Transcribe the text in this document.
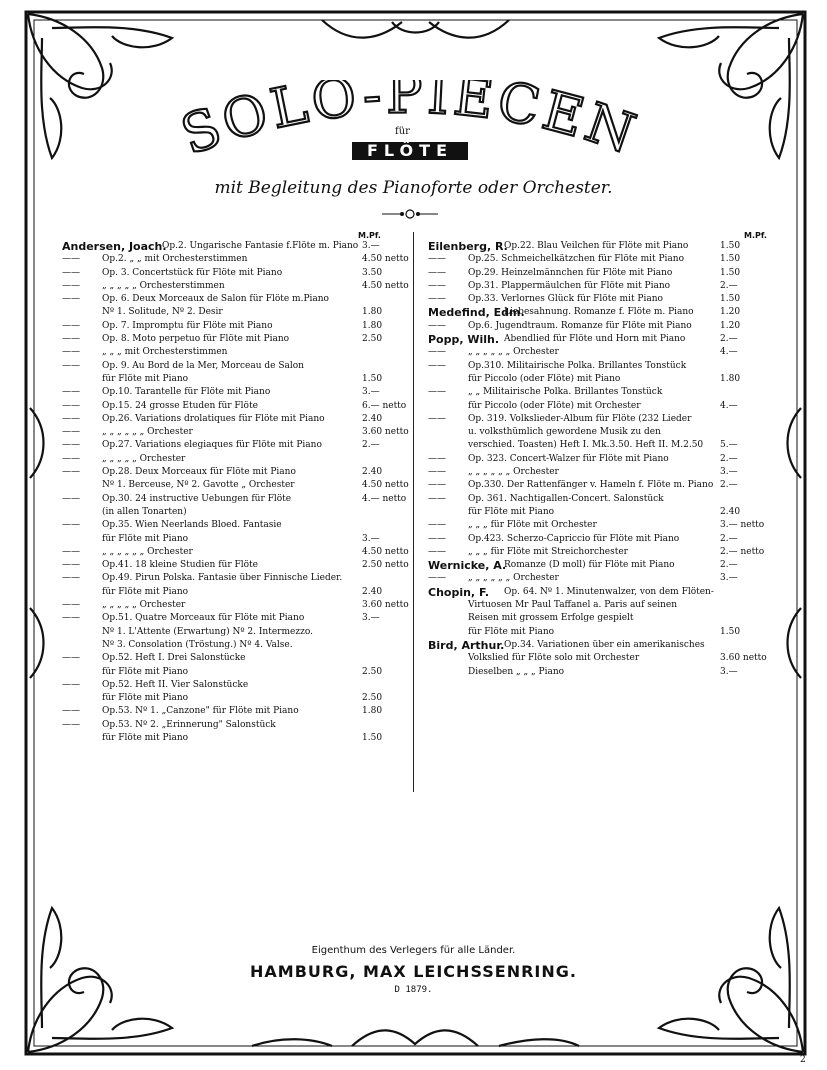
SOLO-PIECEN
für
FLÖTE
mit Begleitung des Pianoforte oder Orchester.
M.Pf.	M.Pf.
Andersen, Joach.
Op.2. Ungarische Fantasie f.Flöte m. Piano 3.—
—— Op.2. „ „ mit Orchesterstimmen	4.50 netto
—— Op. 3. Concertstück für Flöte mit Piano	3.50
—— „ „ „ „ „ Orchesterstimmen	4.50 netto
—— Op. 6. Deux Morceaux de Salon für Flöte m.Piano
Nº 1. Solitude, Nº 2. Desir	1.80
—— Op. 7. Impromptu für Flöte mit Piano	1.80
—— Op. 8. Moto perpetuo für Flöte mit Piano	2.50
—— „ „ „ mit Orchesterstimmen
—— Op. 9. Au Bord de la Mer, Morceau de Salon
für Flöte mit Piano	1.50
—— Op.10. Tarantelle für Flöte mit Piano	3.—
—— Op.15. 24 grosse Etuden für Flöte	6.— netto
—— Op.26. Variations drolatiques für Flöte mit Piano	2.40
—— „ „ „ „ „ „ Orchester	3.60 netto
—— Op.27. Variations elegiaques für Flöte mit Piano	2.—
—— „ „ „ „ „ Orchester
—— Op.28. Deux Morceaux für Flöte mit Piano	2.40
Nº 1. Berceuse, Nº 2. Gavotte „ Orchester	4.50 netto
—— Op.30. 24 instructive Uebungen für Flöte	4.— netto
(in allen Tonarten)
—— Op.35. Wien Neerlands Bloed. Fantasie
für Flöte mit Piano	3.—
—— „ „ „ „ „ „ Orchester	4.50 netto
—— Op.41. 18 kleine Studien für Flöte	2.50 netto
—— Op.49. Pirun Polska. Fantasie über Finnische Lieder.
für Flöte mit Piano	2.40
—— „ „ „ „ „ Orchester	3.60 netto
—— Op.51. Quatre Morceaux für Flöte mit Piano	3.—
Nº 1. L'Attente (Erwartung) Nº 2. Intermezzo.
Nº 3. Consolation (Tröstung.) Nº 4. Valse.
—— Op.52. Heft I. Drei Salonstücke
für Flöte mit Piano	2.50
—— Op.52. Heft II. Vier Salonstücke
für Flöte mit Piano	2.50
—— Op.53. Nº 1. „Canzone" für Flöte mit Piano	1.80
—— Op.53. Nº 2. „Erinnerung" Salonstück
für Flöte mit Piano	1.50
Eilenberg, R.
Op.22. Blau Veilchen für Flöte mit Piano	1.50
—— Op.25. Schmeichelkätzchen für Flöte mit Piano	1.50
—— Op.29. Heinzelmännchen für Flöte mit Piano	1.50
—— Op.31. Plappermäulchen für Flöte mit Piano	2.—
—— Op.33. Verlornes Glück für Flöte mit Piano	1.50
Medefind, Edm.
Liebesahnung. Romanze f. Flöte m. Piano	1.20
—— Op.6. Jugendtraum. Romanze für Flöte mit Piano	1.20
Popp, Wilh. Abendlied für Flöte und Horn mit Piano	2.—
—— „ „ „ „ „ „ Orchester	4.—
—— Op.310. Militairische Polka. Brillantes Tonstück
für Piccolo (oder Flöte) mit Piano	1.80
—— „ „ Militairische Polka. Brillantes Tonstück
für Piccolo (oder Flöte) mit Orchester	4.—
—— Op. 319. Volkslieder-Album für Flöte (232 Lieder
u. volksthümlich gewordene Musik zu den
verschied. Toasten) Heft I. Mk.3.50. Heft II. M.2.50 5.—
—— Op. 323. Concert-Walzer für Flöte mit Piano	2.—
—— „ „ „ „ „ „ Orchester	3.—
—— Op.330. Der Rattenfänger v. Hameln f. Flöte m. Piano 2.—
—— Op. 361. Nachtigallen-Concert. Salonstück
für Flöte mit Piano	2.40
—— „ „ „ für Flöte mit Orchester	3.— netto
—— Op.423. Scherzo-Capriccio für Flöte mit Piano	2.—
—— „ „ „ für Flöte mit Streichorchester	2.— netto
Wernicke, A.
Romanze (D moll) für Flöte mit Piano	2.—
—— „ „ „ „ „ „ Orchester	3.—
Chopin, F. Op. 64. Nº 1. Minutenwalzer, von dem Flöten-
Virtuosen Mr Paul Taffanel a. Paris auf seinen
Reisen mit grossem Erfolge gespielt
für Flöte mit Piano	1.50
Bird, Arthur. Op.34. Variationen über ein amerikanisches
Volkslied für Flöte solo mit Orchester	3.60 netto
Dieselben „ „ „ Piano	3.—
Eigenthum des Verlegers für alle Länder.
HAMBURG, MAX LEICHSSENRING.
D 1879.
2
